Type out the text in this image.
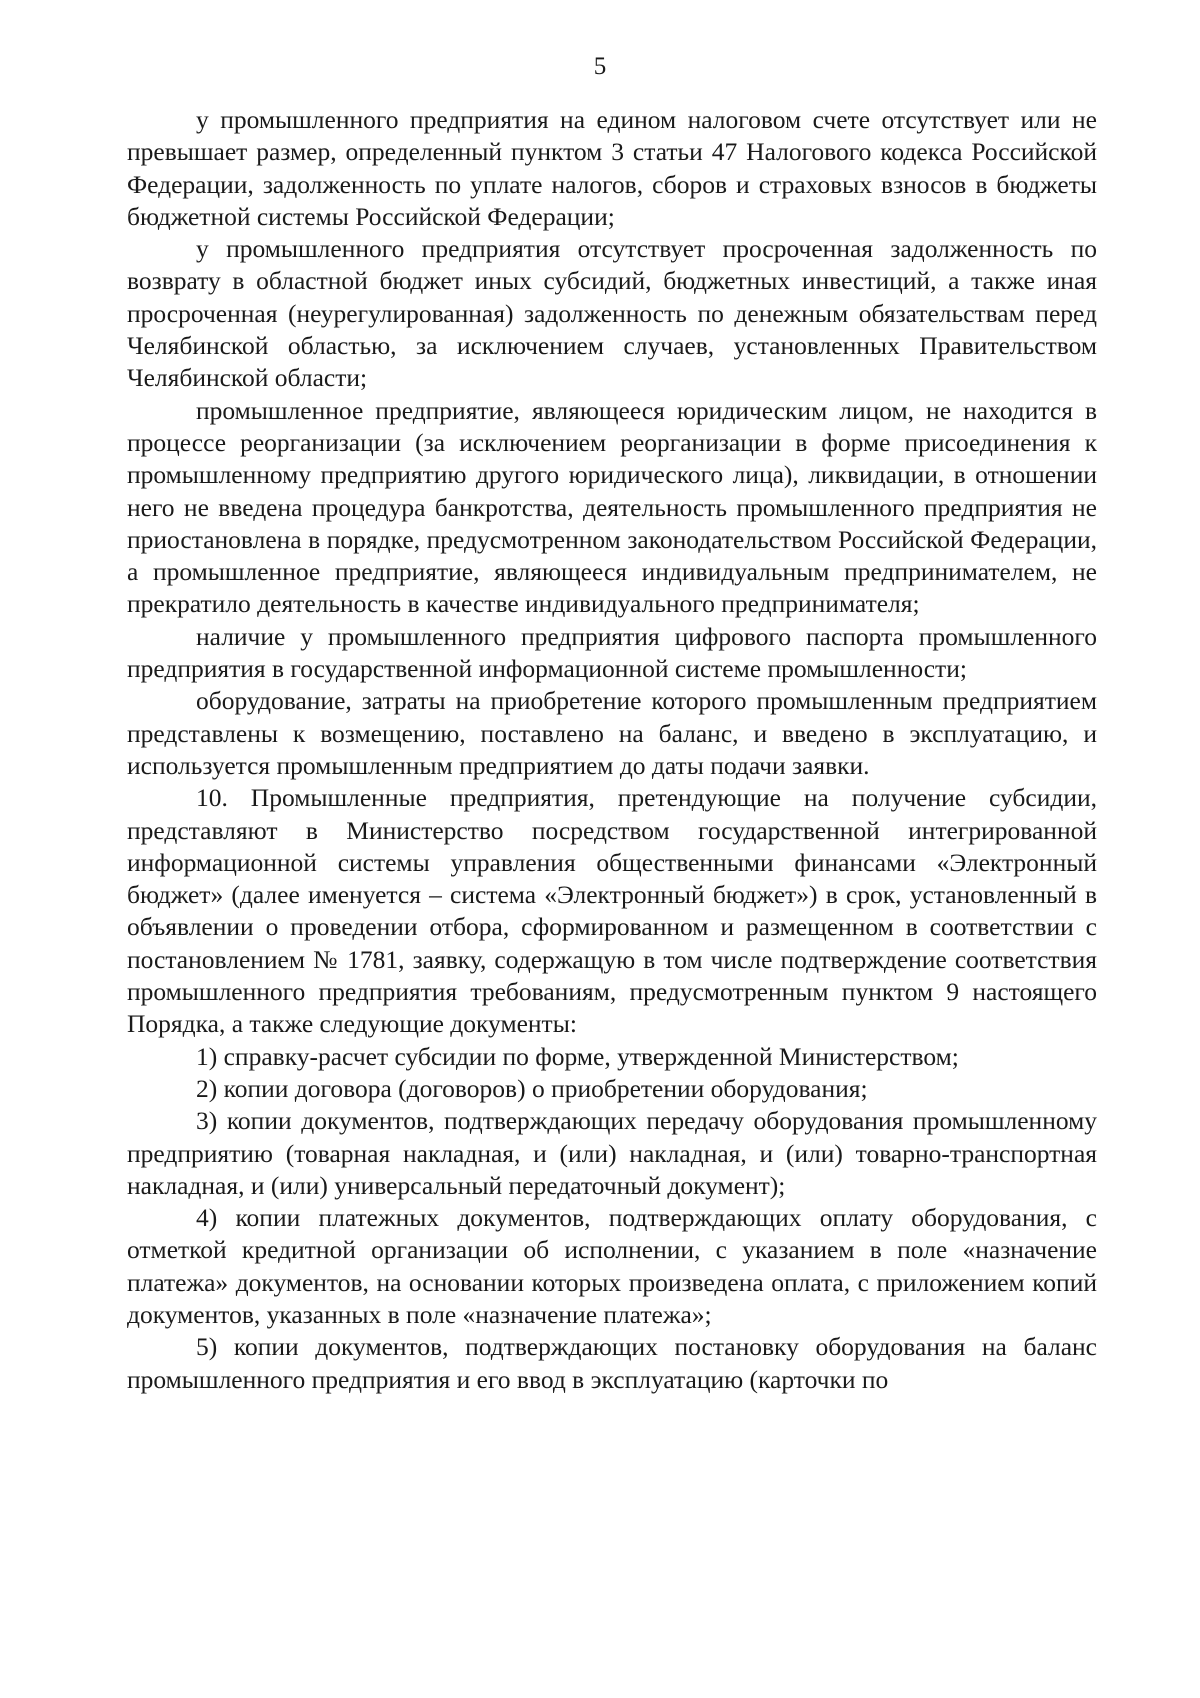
5

у промышленного предприятия на едином налоговом счете отсутствует или не превышает размер, определенный пунктом 3 статьи 47 Налогового кодекса Российской Федерации, задолженность по уплате налогов, сборов и страховых взносов в бюджеты бюджетной системы Российской Федерации;

у промышленного предприятия отсутствует просроченная задолженность по возврату в областной бюджет иных субсидий, бюджетных инвестиций, а также иная просроченная (неурегулированная) задолженность по денежным обязательствам перед Челябинской областью, за исключением случаев, установленных Правительством Челябинской области;

промышленное предприятие, являющееся юридическим лицом, не находится в процессе реорганизации (за исключением реорганизации в форме присоединения к промышленному предприятию другого юридического лица), ликвидации, в отношении него не введена процедура банкротства, деятельность промышленного предприятия не приостановлена в порядке, предусмотренном законодательством Российской Федерации, а промышленное предприятие, являющееся индивидуальным предпринимателем, не прекратило деятельность в качестве индивидуального предпринимателя;

наличие у промышленного предприятия цифрового паспорта промышленного предприятия в государственной информационной системе промышленности;

оборудование, затраты на приобретение которого промышленным предприятием представлены к возмещению, поставлено на баланс, и введено в эксплуатацию, и используется промышленным предприятием до даты подачи заявки.

10. Промышленные предприятия, претендующие на получение субсидии, представляют в Министерство посредством государственной интегрированной информационной системы управления общественными финансами «Электронный бюджет» (далее именуется – система «Электронный бюджет») в срок, установленный в объявлении о проведении отбора, сформированном и размещенном в соответствии с постановлением № 1781, заявку, содержащую в том числе подтверждение соответствия промышленного предприятия требованиям, предусмотренным пунктом 9 настоящего Порядка, а также следующие документы:

1) справку-расчет субсидии по форме, утвержденной Министерством;

2) копии договора (договоров) о приобретении оборудования;

3) копии документов, подтверждающих передачу оборудования промышленному предприятию (товарная накладная, и (или) накладная, и (или) товарно-транспортная накладная, и (или) универсальный передаточный документ);

4) копии платежных документов, подтверждающих оплату оборудования, с отметкой кредитной организации об исполнении, с указанием в поле «назначение платежа» документов, на основании которых произведена оплата, с приложением копий документов, указанных в поле «назначение платежа»;

5) копии документов, подтверждающих постановку оборудования на баланс промышленного предприятия и его ввод в эксплуатацию (карточки по
